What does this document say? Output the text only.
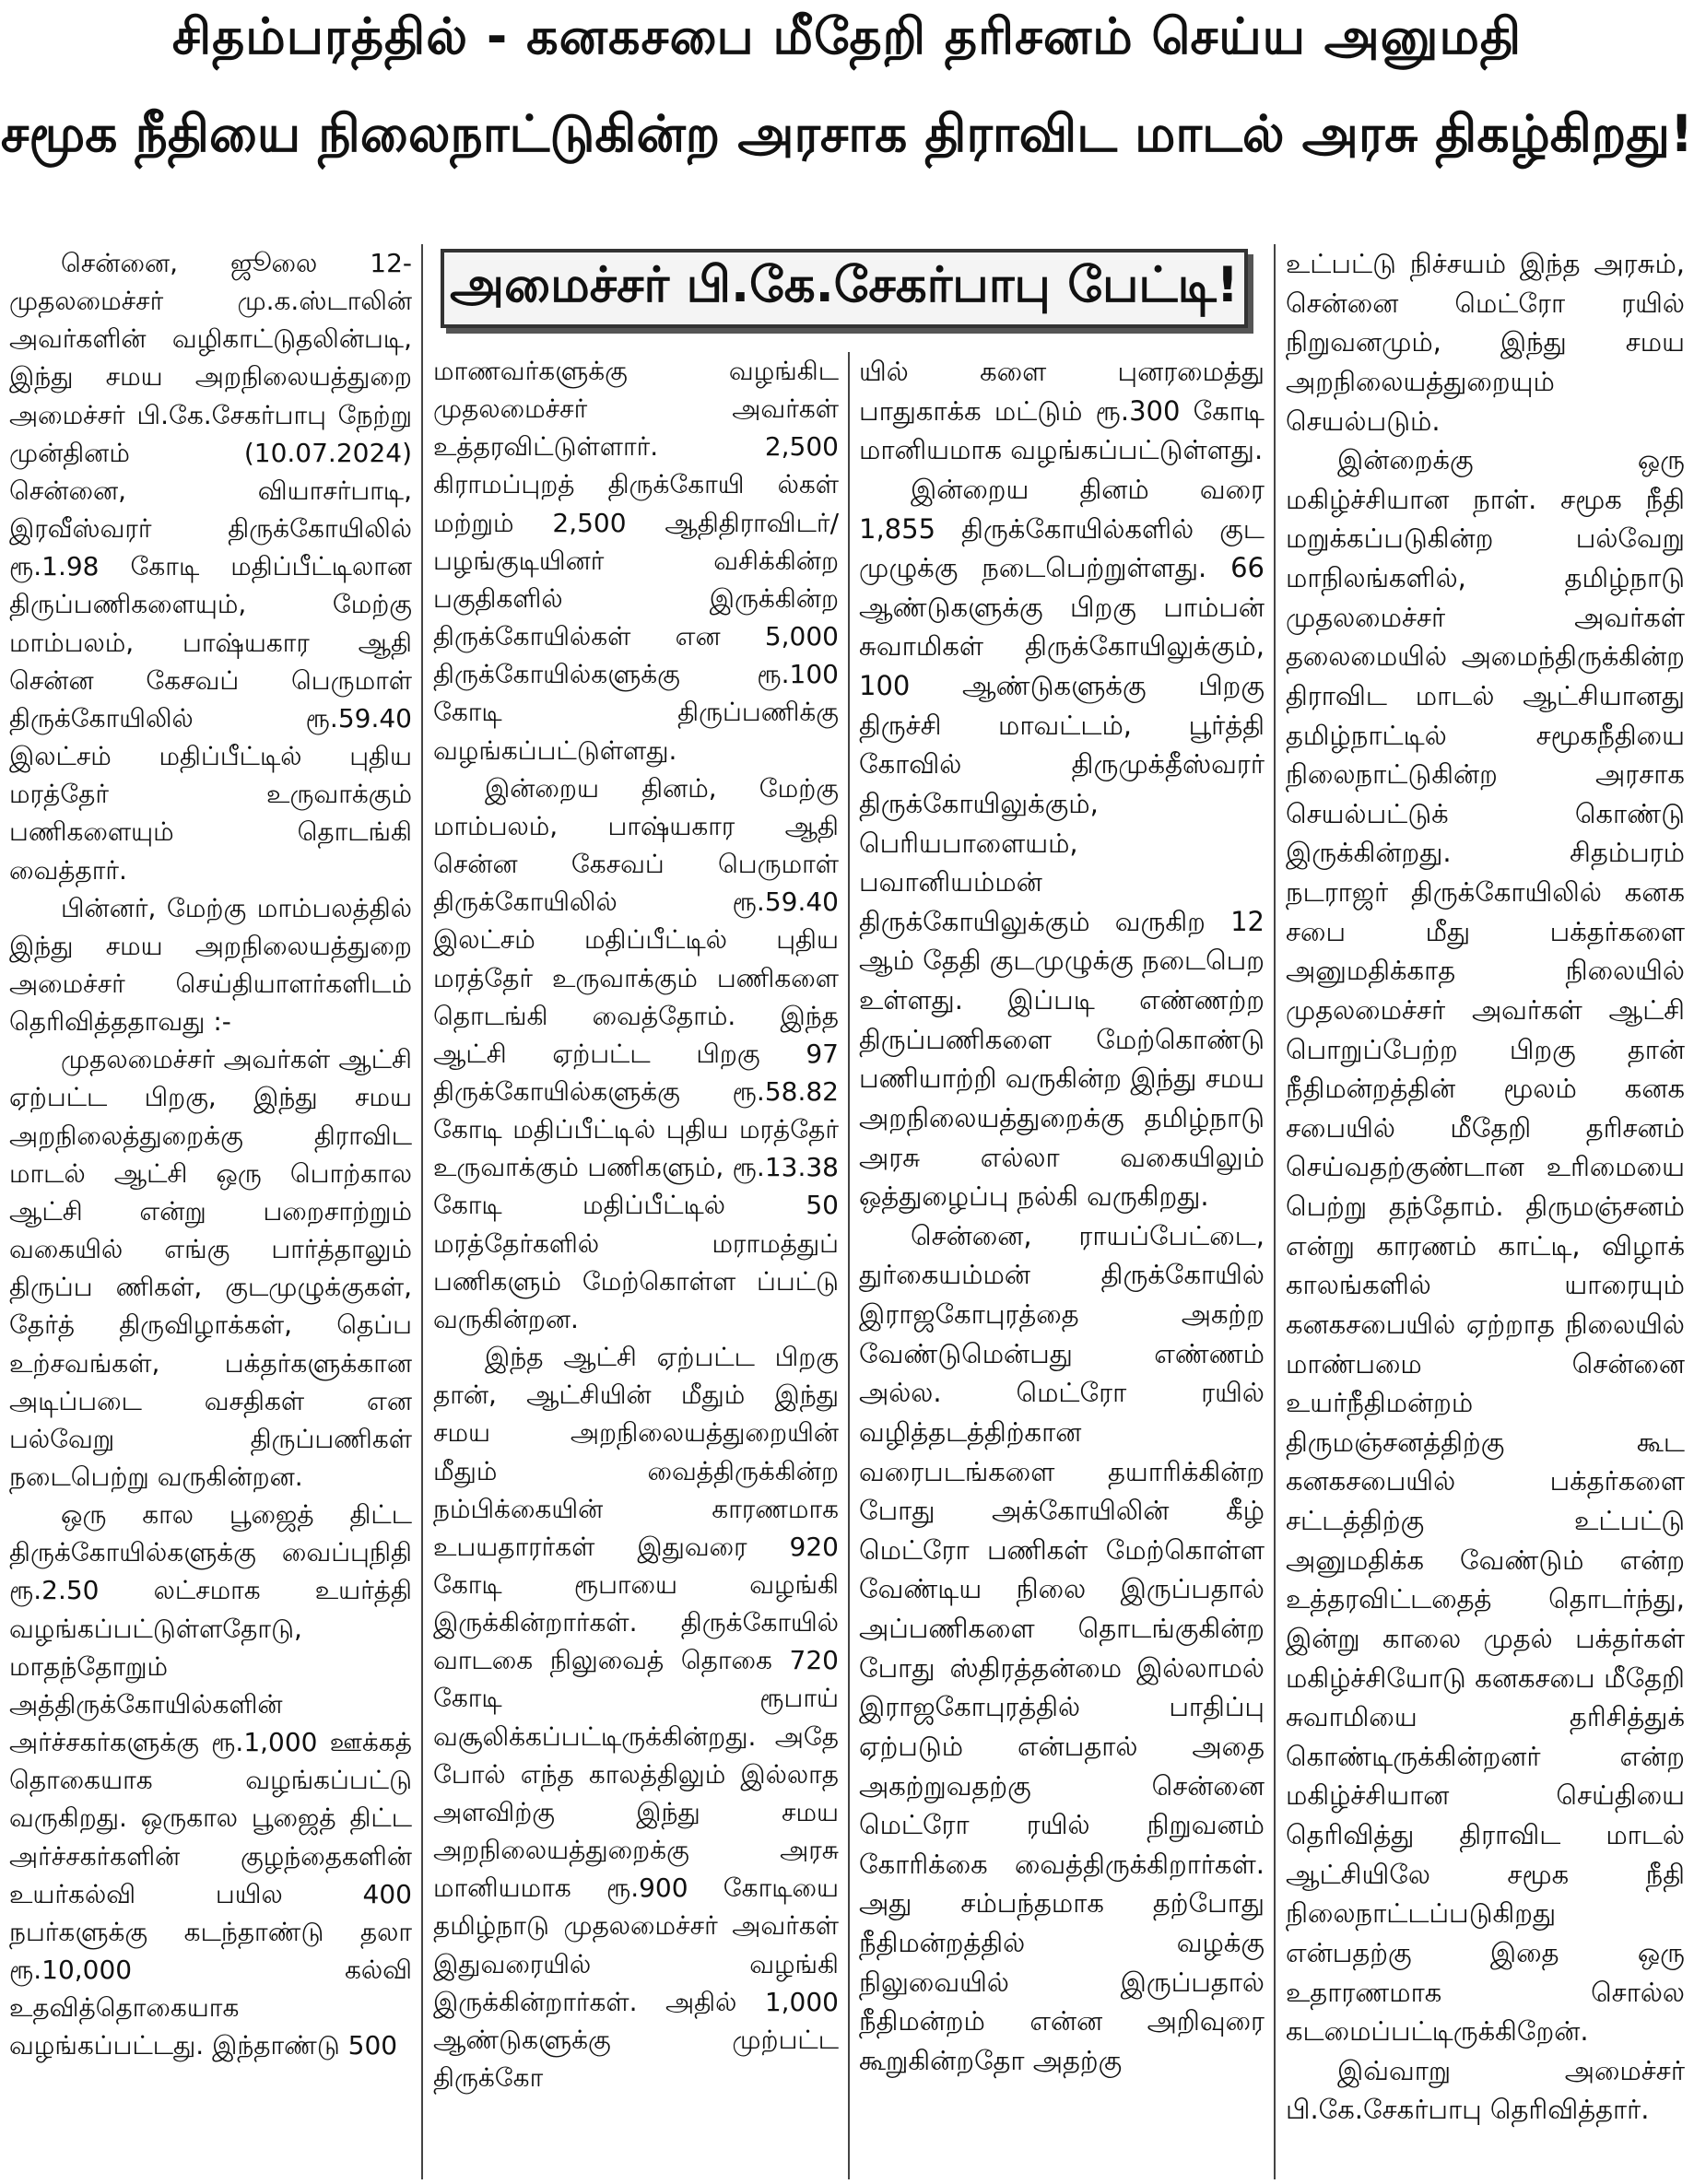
சிதம்பரத்தில் - கனகசபை மீதேறி தரிசனம் செய்ய அனுமதி
சமூக நீதியை நிலைநாட்டுகின்ற அரசாக திராவிட மாடல் அரசு திகழ்கிறது!

சென்னை, ஜூலை 12- முதலமைச்சர் மு.க.ஸ்டாலின் அவர்களின் வழிகாட்டுதலின்படி, இந்து சமய அறநிலையத்துறை அமைச்சர் பி.கே.சேகர்பாபு நேற்று முன்தினம் (10.07.2024) சென்னை, வியாசர்பாடி, இரவீஸ்வரர் திருக்கோயிலில் ரூ.1.98 கோடி மதிப்பீட்டிலான திருப்பணிகளையும், மேற்கு மாம்பலம், பாஷ்யகார ஆதி சென்ன கேசவப் பெருமாள் திருக்கோயிலில் ரூ.59.40 இலட்சம் மதிப்பீட்டில் புதிய மரத்தேர் உருவாக்கும் பணிகளையும் தொடங்கி வைத்தார்.

பின்னர், மேற்கு மாம்பலத்தில் இந்து சமய அறநிலையத்துறை அமைச்சர் செய்தியாளர்களிடம் தெரிவித்ததாவது :-

முதலமைச்சர் அவர்கள் ஆட்சி ஏற்பட்ட பிறகு, இந்து சமய அறநிலைத்துறைக்கு திராவிட மாடல் ஆட்சி ஒரு பொற்கால ஆட்சி என்று பறைசாற்றும் வகையில் எங்கு பார்த்தாலும் திருப்ப ணிகள், குடமுழுக்குகள், தேர்த் திருவிழாக்கள், தெப்ப உற்சவங்கள், பக்தர்களுக்கான அடிப்படை வசதிகள் என பல்வேறு திருப்பணிகள் நடைபெற்று வருகின்றன.

ஒரு கால பூஜைத் திட்ட திருக்கோயில்களுக்கு வைப்புநிதி ரூ.2.50 லட்சமாக உயர்த்தி வழங்கப்பட்டுள்ளதோடு, மாதந்தோறும் அத்திருக்கோயில்களின் அர்ச்சகர்களுக்கு ரூ.1,000 ஊக்கத் தொகையாக வழங்கப்பட்டு வருகிறது. ஒருகால பூஜைத் திட்ட அர்ச்சகர்களின் குழந்தைகளின் உயர்கல்வி பயில 400 நபர்களுக்கு கடந்தாண்டு தலா ரூ.10,000 கல்வி உதவித்தொகையாக வழங்கப்பட்டது. இந்தாண்டு 500

அமைச்சர் பி.கே.சேகர்பாபு பேட்டி!

மாணவர்களுக்கு வழங்கிட முதலமைச்சர் அவர்கள் உத்தரவிட்டுள்ளார். 2,500 கிராமப்புறத் திருக்கோயி ல்கள் மற்றும் 2,500 ஆதிதிராவிடர்/பழங்குடியினர் வசிக்கின்ற பகுதிகளில் இருக்கின்ற திருக்கோயில்கள் என 5,000 திருக்கோயில்களுக்கு ரூ.100 கோடி திருப்பணிக்கு வழங்கப்பட்டுள்ளது.

இன்றைய தினம், மேற்கு மாம்பலம், பாஷ்யகார ஆதி சென்ன கேசவப் பெருமாள் திருக்கோயிலில் ரூ.59.40 இலட்சம் மதிப்பீட்டில் புதிய மரத்தேர் உருவாக்கும் பணிகளை தொடங்கி வைத்தோம். இந்த ஆட்சி ஏற்பட்ட பிறகு 97 திருக்கோயில்களுக்கு ரூ.58.82 கோடி மதிப்பீட்டில் புதிய மரத்தேர் உருவாக்கும் பணிகளும், ரூ.13.38 கோடி மதிப்பீட்டில் 50 மரத்தேர்களில் மராமத்துப் பணிகளும் மேற்கொள்ள ப்பட்டு வருகின்றன.

இந்த ஆட்சி ஏற்பட்ட பிறகு தான், ஆட்சியின் மீதும் இந்து சமய அறநிலையத்துறையின் மீதும் வைத்திருக்கின்ற நம்பிக்கையின் காரணமாக உபயதாரர்கள் இதுவரை 920 கோடி ரூபாயை வழங்கி இருக்கின்றார்கள். திருக்கோயில் வாடகை நிலுவைத் தொகை 720 கோடி ரூபாய் வசூலிக்கப்பட்டிருக்கின்றது. அதே போல் எந்த காலத்திலும் இல்லாத அளவிற்கு இந்து சமய அறநிலையத்துறைக்கு அரசு மானியமாக ரூ.900 கோடியை தமிழ்நாடு முதலமைச்சர் அவர்கள் இதுவரையில் வழங்கி இருக்கின்றார்கள். அதில் 1,000 ஆண்டுகளுக்கு முற்பட்ட திருக்கோ

யில் களை புனரமைத்து பாதுகாக்க மட்டும் ரூ.300 கோடி மானியமாக வழங்கப்பட்டுள்ளது.

இன்றைய தினம் வரை 1,855 திருக்கோயில்களில் குட முழுக்கு நடைபெற்றுள்ளது. 66 ஆண்டுகளுக்கு பிறகு பாம்பன் சுவாமிகள் திருக்கோயிலுக்கும், 100 ஆண்டுகளுக்கு பிறகு திருச்சி மாவட்டம், பூர்த்தி கோவில் திருமுக்தீஸ்வரர் திருக்கோயிலுக்கும், பெரியபாளையம், பவானியம்மன் திருக்கோயிலுக்கும் வருகிற 12 ஆம் தேதி குடமுழுக்கு நடைபெற உள்ளது. இப்படி எண்ணற்ற திருப்பணிகளை மேற்கொண்டு பணியாற்றி வருகின்ற இந்து சமய அறநிலையத்துறைக்கு தமிழ்நாடு அரசு எல்லா வகையிலும் ஒத்துழைப்பு நல்கி வருகிறது.

சென்னை, ராயப்பேட்டை, துர்கையம்மன் திருக்கோயில் இராஜகோபுரத்தை அகற்ற வேண்டுமென்பது எண்ணம் அல்ல. மெட்ரோ ரயில் வழித்தடத்திற்கான வரைபடங்களை தயாரிக்கின்ற போது அக்கோயிலின் கீழ் மெட்ரோ பணிகள் மேற்கொள்ள வேண்டிய நிலை இருப்பதால் அப்பணிகளை தொடங்குகின்ற போது ஸ்திரத்தன்மை இல்லாமல் இராஜகோபுரத்தில் பாதிப்பு ஏற்படும் என்பதால் அதை அகற்றுவதற்கு சென்னை மெட்ரோ ரயில் நிறுவனம் கோரிக்கை வைத்திருக்கிறார்கள். அது சம்பந்தமாக தற்போது நீதிமன்றத்தில் வழக்கு நிலுவையில் இருப்பதால் நீதிமன்றம் என்ன அறிவுரை கூறுகின்றதோ அதற்கு

உட்பட்டு நிச்சயம் இந்த அரசும், சென்னை மெட்ரோ ரயில் நிறுவனமும், இந்து சமய அறநிலையத்துறையும் செயல்படும்.

இன்றைக்கு ஒரு மகிழ்ச்சியான நாள். சமூக நீதி மறுக்கப்படுகின்ற பல்வேறு மாநிலங்களில், தமிழ்நாடு முதலமைச்சர் அவர்கள் தலைமையில் அமைந்திருக்கின்ற திராவிட மாடல் ஆட்சியானது தமிழ்நாட்டில் சமூகநீதியை நிலைநாட்டுகின்ற அரசாக செயல்பட்டுக் கொண்டு இருக்கின்றது. சிதம்பரம் நடராஜர் திருக்கோயிலில் கனக சபை மீது பக்தர்களை அனுமதிக்காத நிலையில் முதலமைச்சர் அவர்கள் ஆட்சி பொறுப்பேற்ற பிறகு தான் நீதிமன்றத்தின் மூலம் கனக சபையில் மீதேறி தரிசனம் செய்வதற்குண்டான உரிமையை பெற்று தந்தோம். திருமஞ்சனம் என்று காரணம் காட்டி, விழாக் காலங்களில் யாரையும் கனகசபையில் ஏற்றாத நிலையில் மாண்பமை சென்னை உயர்நீதிமன்றம் திருமஞ்சனத்திற்கு கூட கனகசபையில் பக்தர்களை சட்டத்திற்கு உட்பட்டு அனுமதிக்க வேண்டும் என்ற உத்தரவிட்டதைத் தொடர்ந்து, இன்று காலை முதல் பக்தர்கள் மகிழ்ச்சியோடு கனகசபை மீதேறி சுவாமியை தரிசித்துக் கொண்டிருக்கின்றனர் என்ற மகிழ்ச்சியான செய்தியை தெரிவித்து திராவிட மாடல் ஆட்சியிலே சமூக நீதி நிலைநாட்டப்படுகிறது என்பதற்கு இதை ஒரு உதாரணமாக சொல்ல கடமைப்பட்டிருக்கிறேன்.

இவ்வாறு அமைச்சர் பி.கே.சேகர்பாபு தெரிவித்தார்.
